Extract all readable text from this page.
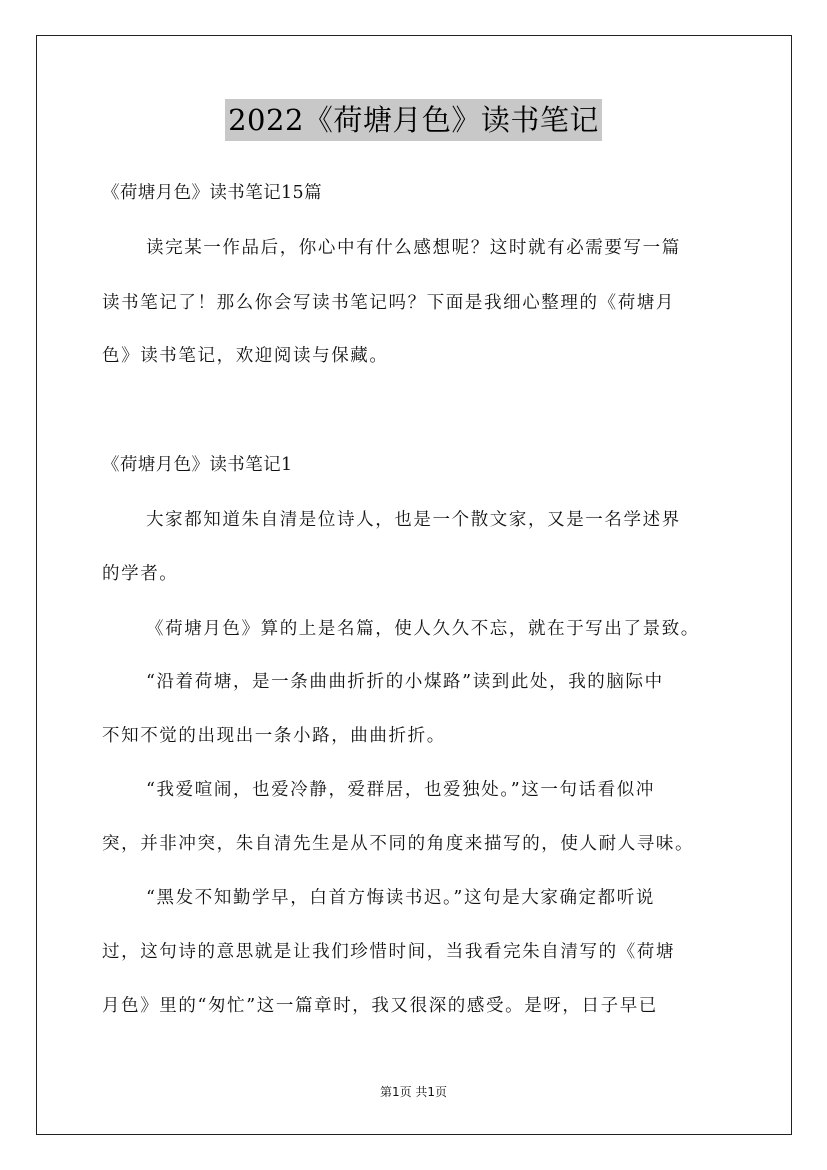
2022《荷塘月色》读书笔记
《荷塘月色》读书笔记15篇
读完某一作品后，你心中有什么感想呢？这时就有必需要写一篇
读书笔记了！那么你会写读书笔记吗？下面是我细心整理的《荷塘月
色》读书笔记，欢迎阅读与保藏。
《荷塘月色》读书笔记1
大家都知道朱自清是位诗人，也是一个散文家，又是一名学述界
的学者。
《荷塘月色》算的上是名篇，使人久久不忘，就在于写出了景致。
“沿着荷塘，是一条曲曲折折的小煤路”读到此处，我的脑际中
不知不觉的出现出一条小路，曲曲折折。
“我爱喧闹，也爱冷静，爱群居，也爱独处。”这一句话看似冲
突，并非冲突，朱自清先生是从不同的角度来描写的，使人耐人寻味。
“黑发不知勤学早，白首方悔读书迟。”这句是大家确定都听说
过，这句诗的意思就是让我们珍惜时间，当我看完朱自清写的《荷塘
月色》里的“匆忙”这一篇章时，我又很深的感受。是呀，日子早已
第1页 共1页
